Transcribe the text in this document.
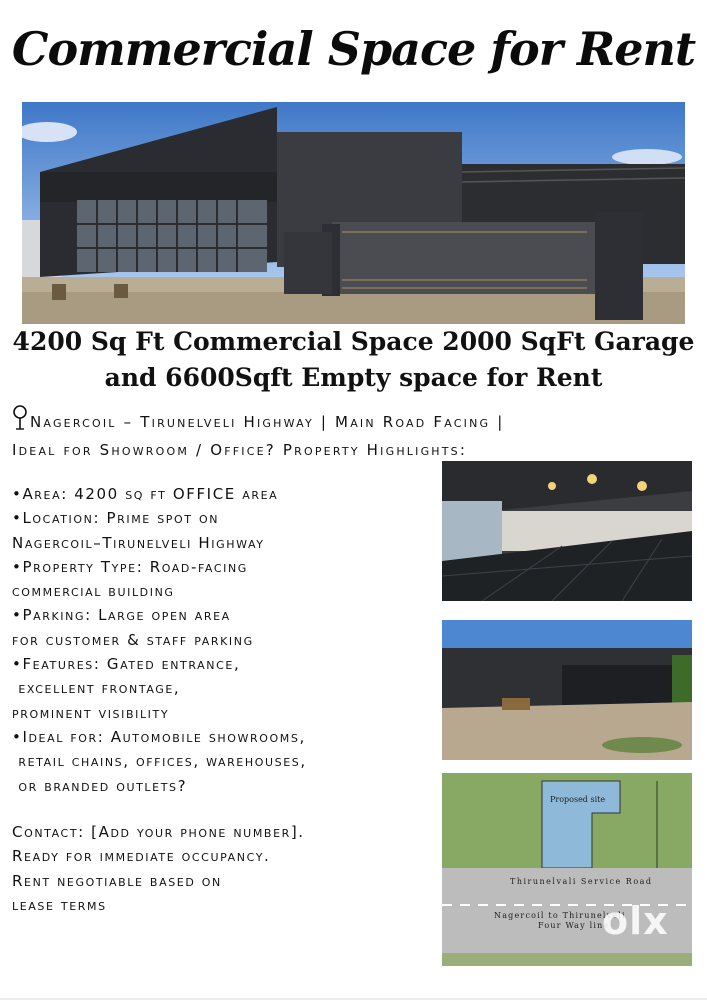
Commercial Space for Rent
4200 Sq Ft Commercial Space 2000 SqFt Garage
and 6600Sqft Empty space for Rent
Nagercoil – Tirunelveli Highway | Main Road Facing |
Ideal for Showroom / Office? Property Highlights:
•Area: 4200 sq ft OFFICE area
•Location: Prime spot on
Nagercoil–Tirunelveli Highway
•Property Type: Road-facing
commercial building
•Parking: Large open area
for customer & staff parking
•Features: Gated entrance,
excellent frontage,
prominent visibility
•Ideal for: Automobile showrooms,
retail chains, offices, warehouses,
or branded outlets?
Contact: [Add your phone number].
Ready for immediate occupancy.
Rent negotiable based on
lease terms
Proposed site
Thirunelvali Service Road
Nagercoil to Thirunelveli
Four Way line
olx
